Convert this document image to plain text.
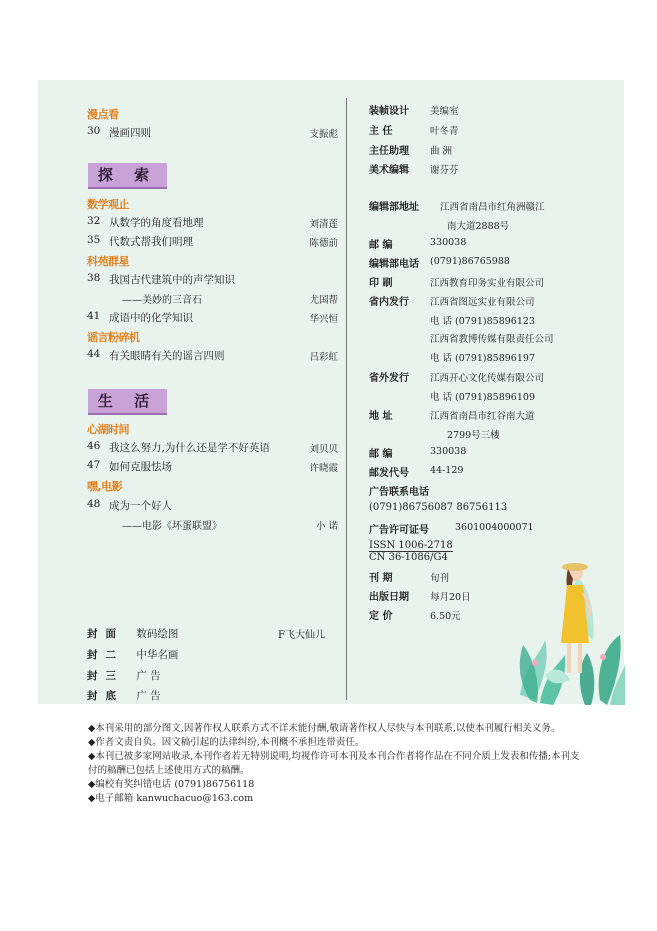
漫点看
30 漫画四则	支振彪
探 索
数学观止
32 从数学的角度看地理	刘清莲
35 代数式帮我们明理	陈德前
科苑群星
38 我国古代建筑中的声学知识
——美妙的三音石	尤国帮
41 成语中的化学知识	华兴恒
谣言粉碎机
44 有关眼睛有关的谣言四则	吕彩虹
生 活
心湖时间
46 我这么努力,为什么还是学不好英语	刘贝贝
47 如何克服怯场	许晓霞
嘿,电影
48 成为一个好人
——电影《坏蛋联盟》	小 诺
封面 数码绘图	F飞大仙儿
封二 中华名画
封三 广 告
封底 广 告
装帧设计 美编室
主 任	叶冬青
主任助理 曲 洲
美术编辑 谢芬芬
编辑部地址 江西省南昌市红角洲赣江
南大道2888号
邮 编	330038
编辑部电话 (0791)86765988
印 刷	江西教育印务实业有限公司
省内发行 江西省图远实业有限公司
电 话 (0791)85896123
江西省教博传媒有限责任公司
电 话 (0791)85896197
省外发行 江西开心文化传媒有限公司
电 话 (0791)85896109
地 址	江西省南昌市红谷南大道
2799号三楼
邮 编	330038
邮发代号 44-129
广告联系电话
(0791)86756087 86756113
广告许可证号	3601004000071
ISSN 1006-2718
CN 36-1086/G4
刊 期	旬刊
出版日期 每月20日
定 价	6.50元

◆本刊采用的部分图文,因著作权人联系方式不详未能付酬,敬请著作权人尽快与本刊联系,以使本刊履行相关义务。

◆作者文责自负。因文稿引起的法律纠纷,本刊概不承担连带责任。

◆本刊已被多家网站收录,本刊作者若无特别说明,均视作许可本刊及本刊合作者将作品在不同介质上发表和传播;本刊支付的稿酬已包括上述使用方式的稿酬。

◆编校有奖纠错电话 (0791)86756118

◆电子邮箱 kanwuchacuo@163.com
